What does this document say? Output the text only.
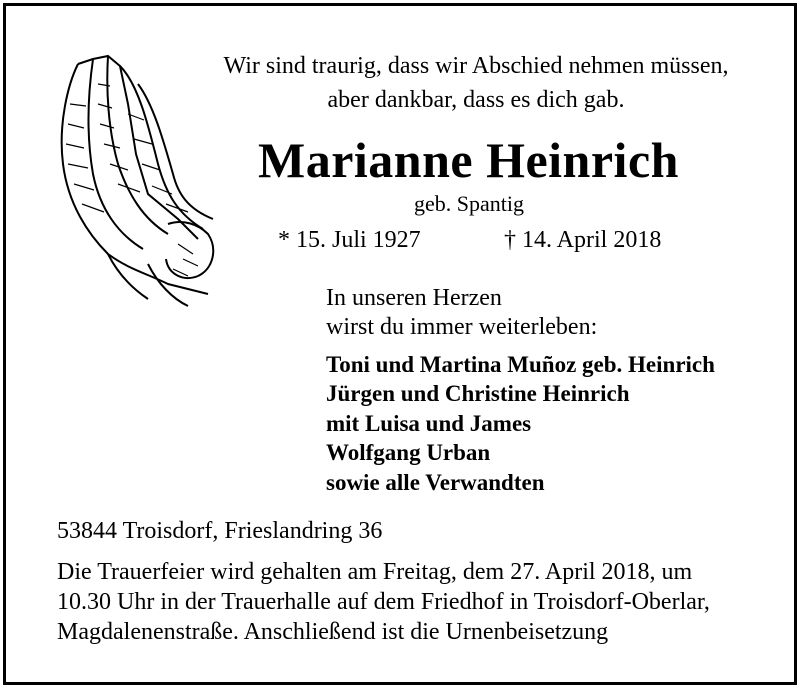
Wir sind traurig, dass wir Abschied nehmen müssen,
aber dankbar, dass es dich gab.
Marianne Heinrich
geb. Spantig
* 15. Juli 1927	† 14. April 2018
In unseren Herzen
wirst du immer weiterleben:
Toni und Martina Muñoz geb. Heinrich
Jürgen und Christine Heinrich
mit Luisa und James
Wolfgang Urban
sowie alle Verwandten
53844 Troisdorf, Frieslandring 36
Die Trauerfeier wird gehalten am Freitag, dem 27. April 2018, um
10.30 Uhr in der Trauerhalle auf dem Friedhof in Troisdorf-Oberlar,
Magdalenenstraße. Anschließend ist die Urnenbeisetzung
